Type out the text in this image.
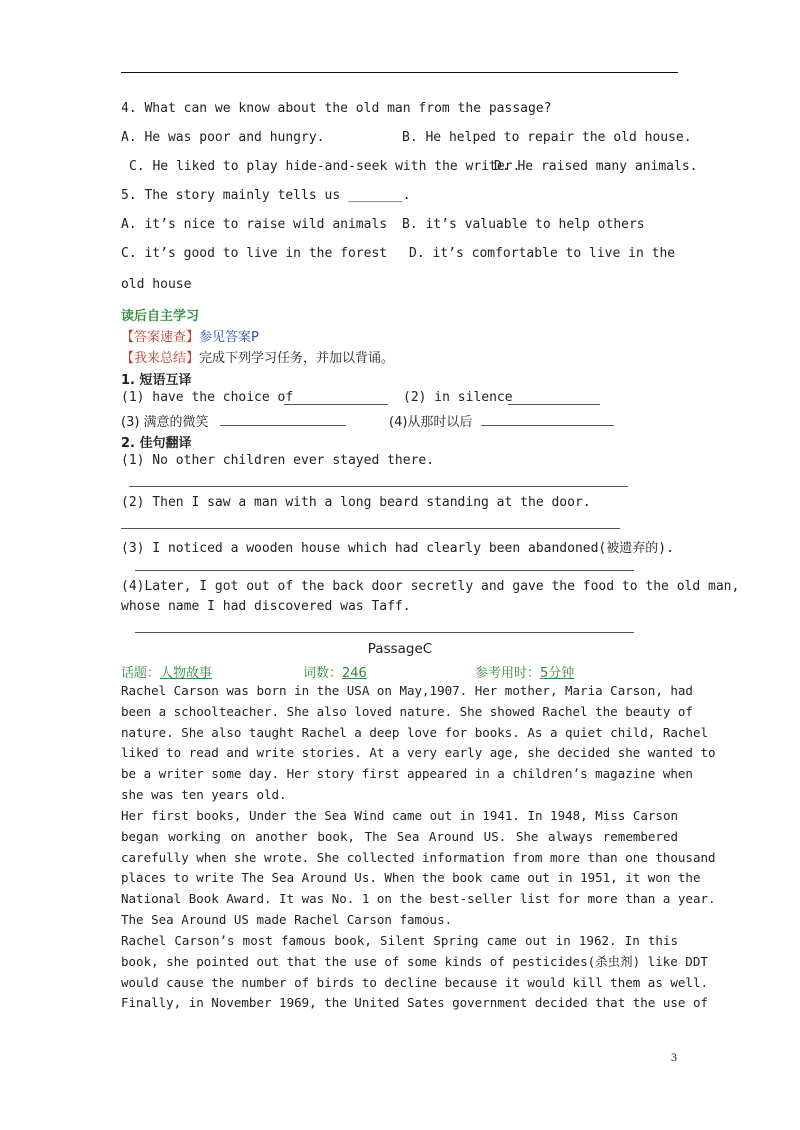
4. What can we know about the old man from the passage?
A. He was poor and hungry.	B. He helped to repair the old house.
C. He liked to play hide-and-seek with the writer.
D. He raised many animals.
5. The story mainly tells us _______.
A. it’s nice to raise wild animals B. it’s valuable to help others
C. it’s good to live in the forest D. it’s comfortable to live in the
old house
读后自主学习
【答案速查】参见答案P
【我来总结】完成下列学习任务，并加以背诵。
1. 短语互译
(1) have the choice of	(2) in silence
(3) 满意的微笑	(4)从那时以后
2. 佳句翻译
(1) No other children ever stayed there.
(2) Then I saw a man with a long beard standing at the door.
(3) I noticed a wooden house which had clearly been abandoned(被遗弃的).
(4)Later, I got out of the back door secretly and gave the food to the old man,
whose name I had discovered was Taff.
PassageC
话题：人物故事	词数：246	参考用时：5分钟
Rachel Carson was born in the USA on May,1907. Her mother, Maria Carson, had
been a schoolteacher. She also loved nature. She showed Rachel the beauty of
nature. She also taught Rachel a deep love for books. As a quiet child, Rachel
liked to read and write stories. At a very early age, she decided she wanted to
be a writer some day. Her story first appeared in a children’s magazine when
she was ten years old.
Her first books, Under the Sea Wind came out in 1941. In 1948, Miss Carson
began working on another book, The Sea Around US. She always remembered
carefully when she wrote. She collected information from more than one thousand
places to write The Sea Around Us. When the book came out in 1951, it won the
National Book Award. It was No. 1 on the best-seller list for more than a year.
The Sea Around US made Rachel Carson famous.
Rachel Carson’s most famous book, Silent Spring came out in 1962. In this
book, she pointed out that the use of some kinds of pesticides(杀虫剂) like DDT
would cause the number of birds to decline because it would kill them as well.
Finally, in November 1969, the United Sates government decided that the use of
3
